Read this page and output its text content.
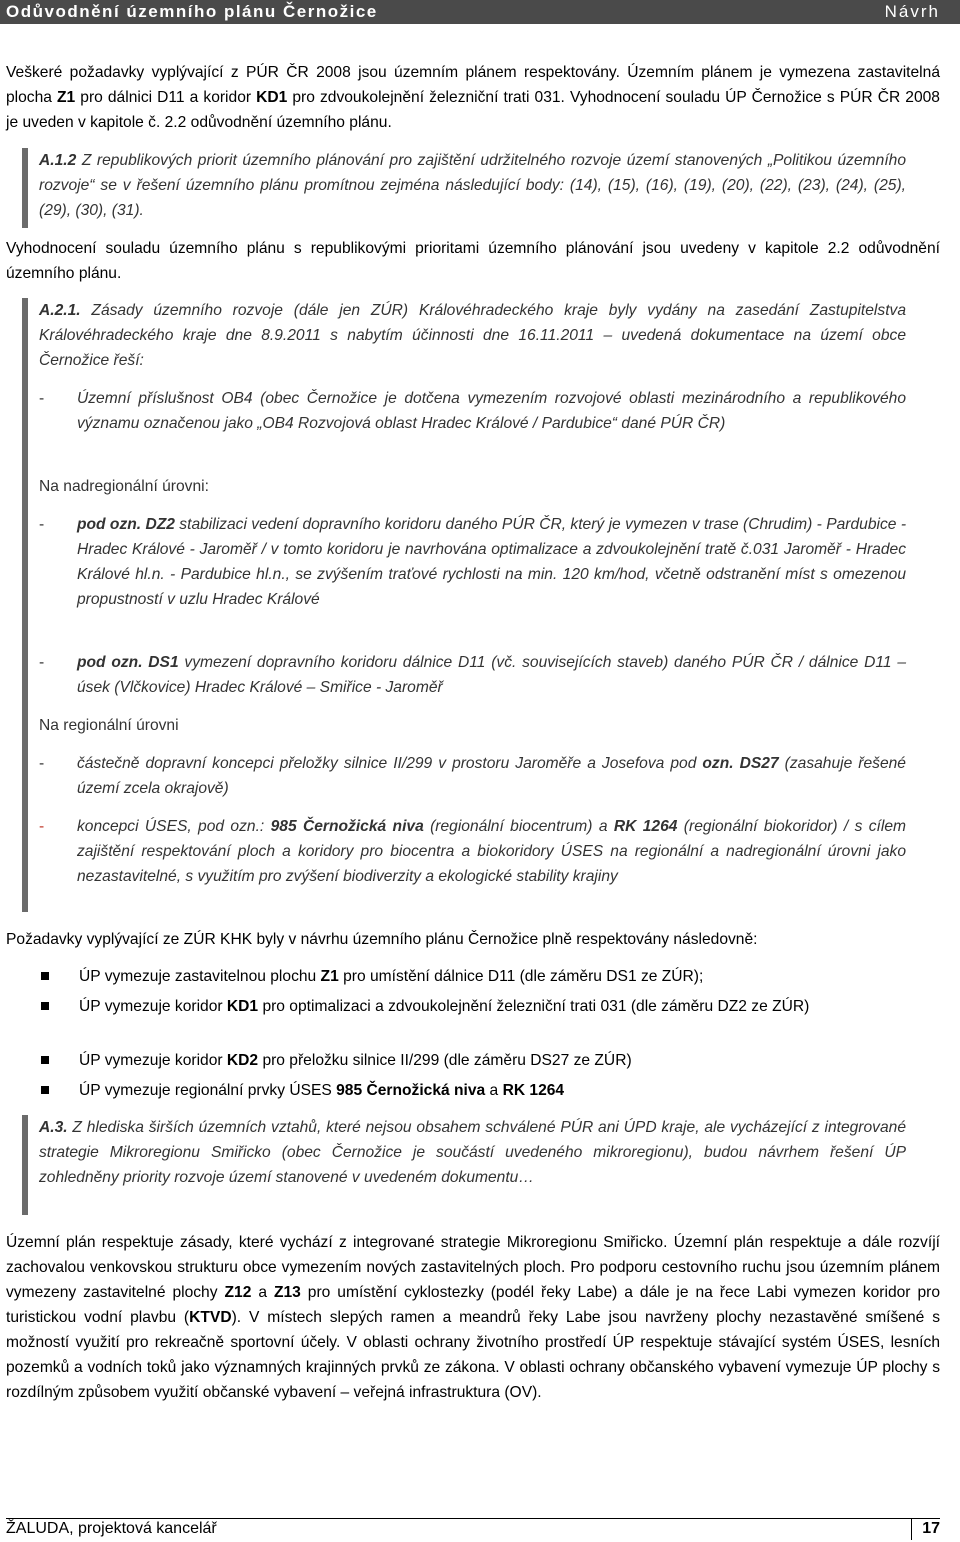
Odůvodnění územního plánu Černožice	Návrh

Veškeré požadavky vyplývající z PÚR ČR 2008 jsou územním plánem respektovány. Územním plánem je vymezena zastavitelná plocha Z1 pro dálnici D11 a koridor KD1 pro zdvoukolejnění železniční trati 031. Vyhodnocení souladu ÚP Černožice s PÚR ČR 2008 je uveden v kapitole č. 2.2 odůvodnění územního plánu.

A.1.2 Z republikových priorit územního plánování pro zajištění udržitelného rozvoje území stanovených „Politikou územního rozvoje“ se v řešení územního plánu promítnou zejména následující body: (14), (15), (16), (19), (20), (22), (23), (24), (25), (29), (30), (31).

Vyhodnocení souladu územního plánu s republikovými prioritami územního plánování jsou uvedeny v kapitole 2.2 odůvodnění územního plánu.

A.2.1. Zásady územního rozvoje (dále jen ZÚR) Královéhradeckého kraje byly vydány na zasedání Zastupitelstva Královéhradeckého kraje dne 8.9.2011 s nabytím účinnosti dne 16.11.2011 – uvedená dokumentace na území obce Černožice řeší:

- Územní příslušnost OB4 (obec Černožice je dotčena vymezením rozvojové oblasti mezinárodního a republikového významu označenou jako „OB4 Rozvojová oblast Hradec Králové / Pardubice“ dané PÚR ČR)

Na nadregionální úrovni:

- pod ozn. DZ2 stabilizaci vedení dopravního koridoru daného PÚR ČR, který je vymezen v trase (Chrudim) - Pardubice - Hradec Králové - Jaroměř / v tomto koridoru je navrhována optimalizace a zdvoukolejnění tratě č.031 Jaroměř - Hradec Králové hl.n. - Pardubice hl.n., se zvýšením traťové rychlosti na min. 120 km/hod, včetně odstranění míst s omezenou propustností v uzlu Hradec Králové

- pod ozn. DS1 vymezení dopravního koridoru dálnice D11 (vč. souvisejících staveb) daného PÚR ČR / dálnice D11 – úsek (Vlčkovice) Hradec Králové – Smiřice - Jaroměř

Na regionální úrovni

- částečně dopravní koncepci přeložky silnice II/299 v prostoru Jaroměře a Josefova pod ozn. DS27 (zasahuje řešené území zcela okrajově)

- koncepci ÚSES, pod ozn.: 985 Černožická niva (regionální biocentrum) a RK 1264 (regionální biokoridor) / s cílem zajištění respektování ploch a koridory pro biocentra a biokoridory ÚSES na regionální a nadregionální úrovni jako nezastavitelné, s využitím pro zvýšení biodiverzity a ekologické stability krajiny

Požadavky vyplývající ze ZÚR KHK byly v návrhu územního plánu Černožice plně respektovány následovně:

ÚP vymezuje zastavitelnou plochu Z1 pro umístění dálnice D11 (dle záměru DS1 ze ZÚR);

ÚP vymezuje koridor KD1 pro optimalizaci a zdvoukolejnění železniční trati 031 (dle záměru DZ2 ze ZÚR)

ÚP vymezuje koridor KD2 pro přeložku silnice II/299 (dle záměru DS27 ze ZÚR)

ÚP vymezuje regionální prvky ÚSES 985 Černožická niva a RK 1264

A.3. Z hlediska širších územních vztahů, které nejsou obsahem schválené PÚR ani ÚPD kraje, ale vycházející z integrované strategie Mikroregionu Smiřicko (obec Černožice je součástí uvedeného mikroregionu), budou návrhem řešení ÚP zohledněny priority rozvoje území stanovené v uvedeném dokumentu…

Územní plán respektuje zásady, které vychází z integrované strategie Mikroregionu Smiřicko. Územní plán respektuje a dále rozvíjí zachovalou venkovskou strukturu obce vymezením nových zastavitelných ploch. Pro podporu cestovního ruchu jsou územním plánem vymezeny zastavitelné plochy Z12 a Z13 pro umístění cyklostezky (podél řeky Labe) a dále je na řece Labi vymezen koridor pro turistickou vodní plavbu (KTVD). V místech slepých ramen a meandrů řeky Labe jsou navrženy plochy nezastavěné smíšené s možností využití pro rekreačně sportovní účely. V oblasti ochrany životního prostředí ÚP respektuje stávající systém ÚSES, lesních pozemků a vodních toků jako významných krajinných prvků ze zákona. V oblasti ochrany občanského vybavení vymezuje ÚP plochy s rozdílným způsobem využití občanské vybavení – veřejná infrastruktura (OV).

ŽALUDA, projektová kancelář	17
